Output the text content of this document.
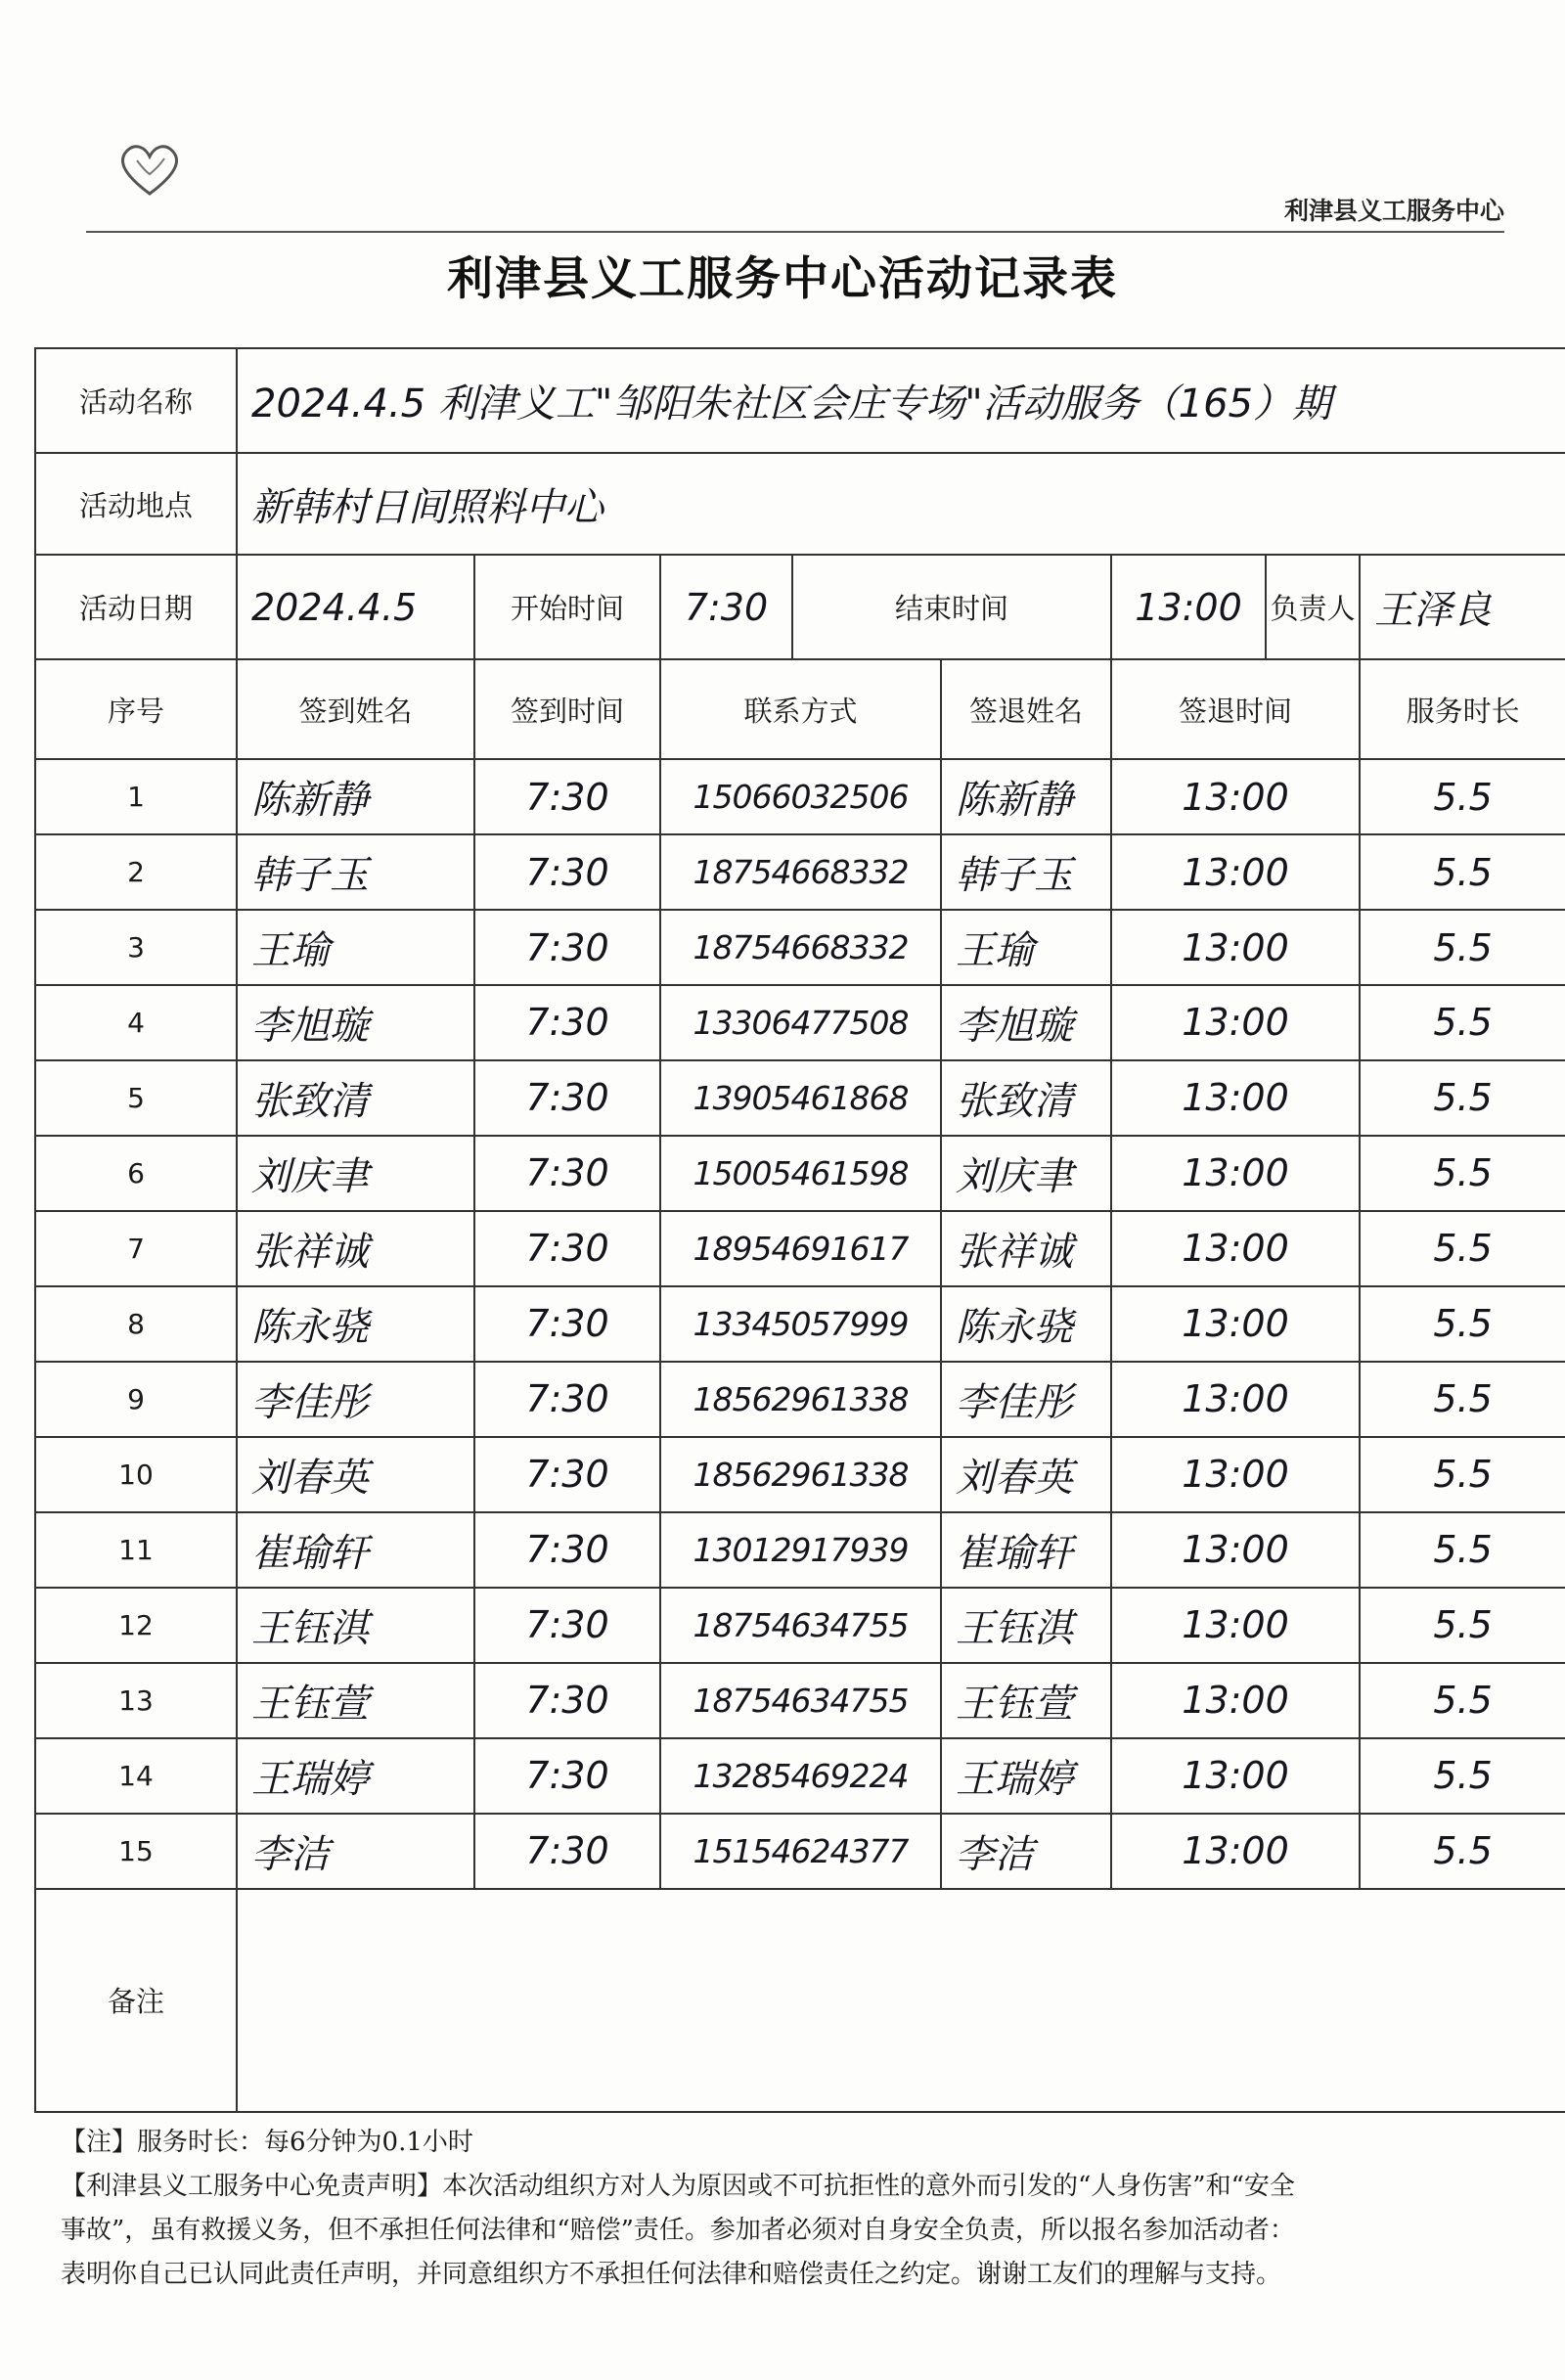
利津县义工服务中心
利津县义工服务中心活动记录表
活动名称	2024.4.5 利津义工"邹阳朱社区会庄专场"活动服务（165）期							
活动地点	新韩村日间照料中心							
活动日期	2024.4.5	开始时间	7:30	结束时间		13:00	负责人	王泽良
序号	签到姓名	签到时间	联系方式		签退姓名	签退时间		服务时长
1	陈新静	7:30	15066032506		陈新静	13:00		5.5
2	韩子玉	7:30	18754668332		韩子玉	13:00		5.5
3	王瑜	7:30	18754668332		王瑜	13:00		5.5
4	李旭璇	7:30	13306477508		李旭璇	13:00		5.5
5	张致清	7:30	13905461868		张致清	13:00		5.5
6	刘庆聿	7:30	15005461598		刘庆聿	13:00		5.5
7	张祥诚	7:30	18954691617		张祥诚	13:00		5.5
8	陈永骁	7:30	13345057999		陈永骁	13:00		5.5
9	李佳彤	7:30	18562961338		李佳彤	13:00		5.5
10	刘春英	7:30	18562961338		刘春英	13:00		5.5
11	崔瑜轩	7:30	13012917939		崔瑜轩	13:00		5.5
12	王钰淇	7:30	18754634755		王钰淇	13:00		5.5
13	王钰萱	7:30	18754634755		王钰萱	13:00		5.5
14	王瑞婷	7:30	13285469224		王瑞婷	13:00		5.5
15	李洁	7:30	15154624377		李洁	13:00		5.5
备注								

【注】服务时长：每6分钟为0.1小时

【利津县义工服务中心免责声明】本次活动组织方对人为原因或不可抗拒性的意外而引发的“人身伤害”和“安全

事故”，虽有救援义务，但不承担任何法律和“赔偿”责任。参加者必须对自身安全负责，所以报名参加活动者：

表明你自己已认同此责任声明，并同意组织方不承担任何法律和赔偿责任之约定。谢谢工友们的理解与支持。
